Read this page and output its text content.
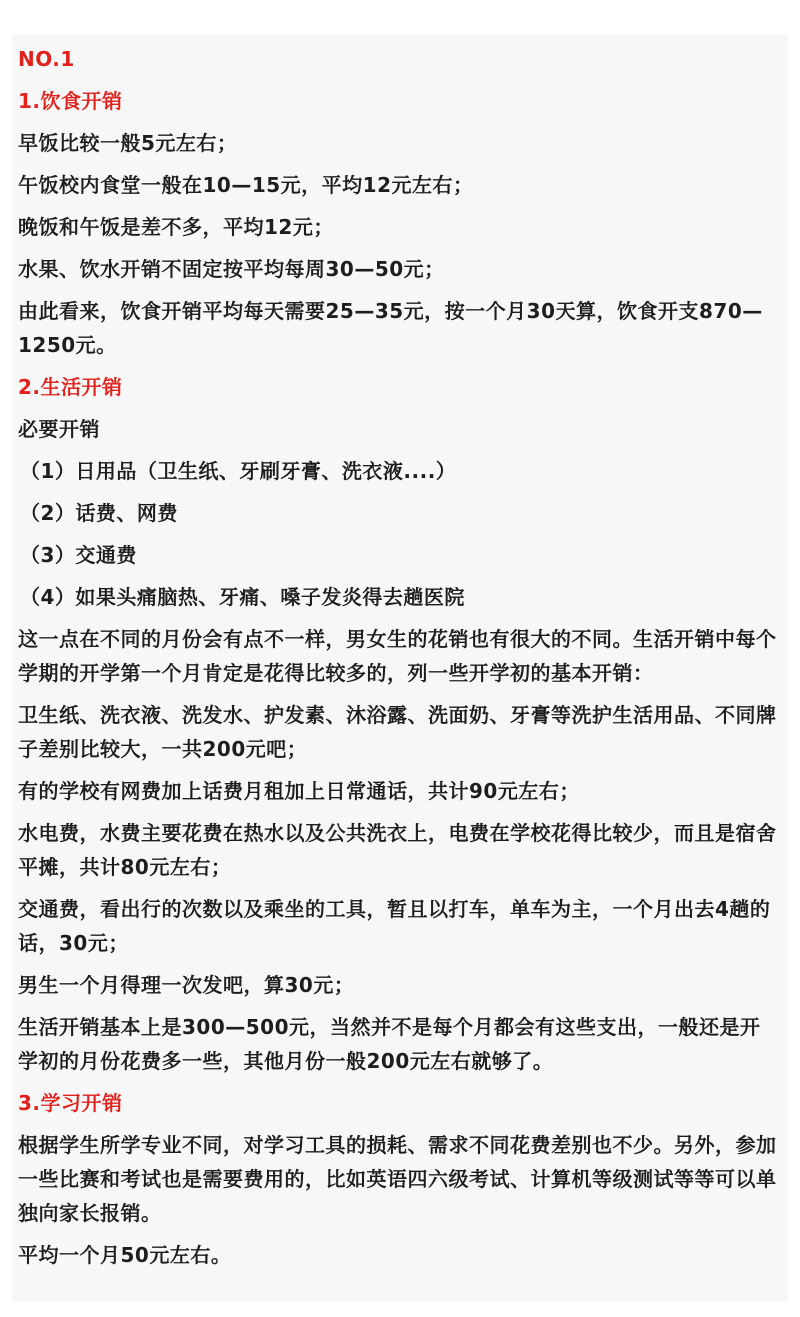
NO.1
1.饮食开销
早饭比较一般5元左右；
午饭校内食堂一般在10—15元，平均12元左右；
晚饭和午饭是差不多，平均12元；
水果、饮水开销不固定按平均每周30—50元；
由此看来，饮食开销平均每天需要25—35元，按一个月30天算，饮食开支870—1250元。
2.生活开销
必要开销
（1）日用品（卫生纸、牙刷牙膏、洗衣液....）
（2）话费、网费
（3）交通费
（4）如果头痛脑热、牙痛、嗓子发炎得去趟医院
这一点在不同的月份会有点不一样，男女生的花销也有很大的不同。生活开销中每个学期的开学第一个月肯定是花得比较多的，列一些开学初的基本开销：
卫生纸、洗衣液、洗发水、护发素、沐浴露、洗面奶、牙膏等洗护生活用品、不同牌子差别比较大，一共200元吧；
有的学校有网费加上话费月租加上日常通话，共计90元左右；
水电费，水费主要花费在热水以及公共洗衣上，电费在学校花得比较少，而且是宿舍平摊，共计80元左右；
交通费，看出行的次数以及乘坐的工具，暂且以打车，单车为主，一个月出去4趟的话，30元；
男生一个月得理一次发吧，算30元；
生活开销基本上是300—500元，当然并不是每个月都会有这些支出，一般还是开学初的月份花费多一些，其他月份一般200元左右就够了。
3.学习开销
根据学生所学专业不同，对学习工具的损耗、需求不同花费差别也不少。另外，参加一些比赛和考试也是需要费用的，比如英语四六级考试、计算机等级测试等等可以单独向家长报销。
平均一个月50元左右。
